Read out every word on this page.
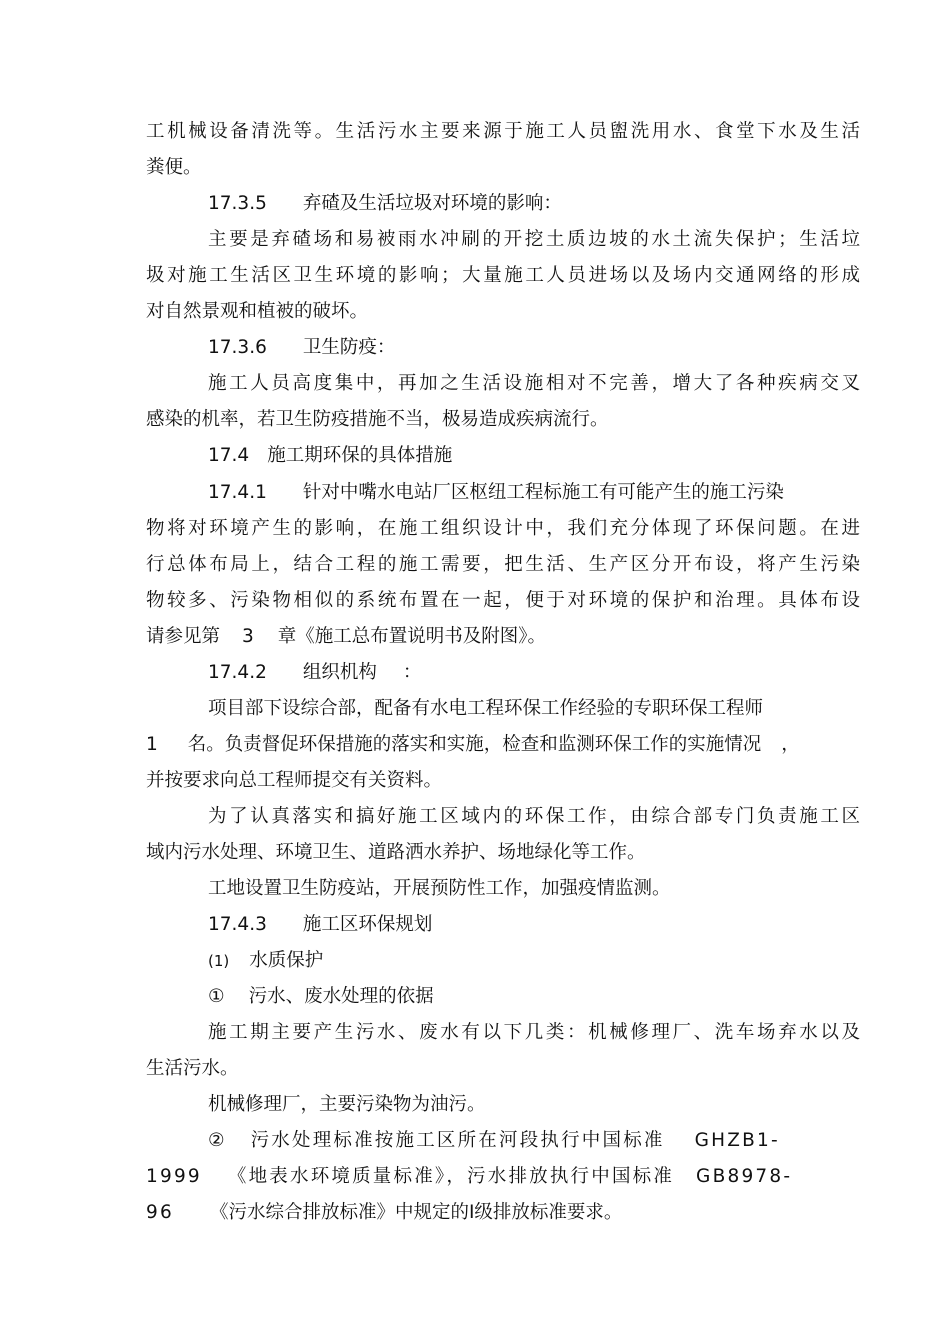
工机械设备清洗等。生活污水主要来源于施工人员盥洗用水、食堂下水及生活
粪便。
17.3.5 弃碴及生活垃圾对环境的影响：
主要是弃碴场和易被雨水冲刷的开挖土质边坡的水土流失保护；生活垃
圾对施工生活区卫生环境的影响；大量施工人员进场以及场内交通网络的形成
对自然景观和植被的破坏。
17.3.6 卫生防疫：
施工人员高度集中，再加之生活设施相对不完善，增大了各种疾病交叉
感染的机率，若卫生防疫措施不当，极易造成疾病流行。
17.4 施工期环保的具体措施
17.4.1 针对中嘴水电站厂区枢纽工程标施工有可能产生的施工污染
物将对环境产生的影响，在施工组织设计中，我们充分体现了环保问题。在进
行总体布局上，结合工程的施工需要，把生活、生产区分开布设，将产生污染
物较多、污染物相似的系统布置在一起，便于对环境的保护和治理。具体布设
请参见第 3 章《施工总布置说明书及附图》。
17.4.2 组织机构 ：
项目部下设综合部，配备有水电工程环保工作经验的专职环保工程师
1 名。负责督促环保措施的落实和实施，检查和监测环保工作的实施情况 ，
并按要求向总工程师提交有关资料。
为了认真落实和搞好施工区域内的环保工作，由综合部专门负责施工区
域内污水处理、环境卫生、道路洒水养护、场地绿化等工作。
工地设置卫生防疫站，开展预防性工作，加强疫情监测。
17.4.3 施工区环保规划
(1) 水质保护
① 污水、废水处理的依据
施工期主要产生污水、废水有以下几类：机械修理厂、洗车场弃水以及
生活污水。
机械修理厂，主要污染物为油污。
② 污水处理标准按施工区所在河段执行中国标准 GHZB1-
1999 《地表水环境质量标准》，污水排放执行中国标准 GB8978-
96 《污水综合排放标准》中规定的Ⅰ级排放标准要求。
